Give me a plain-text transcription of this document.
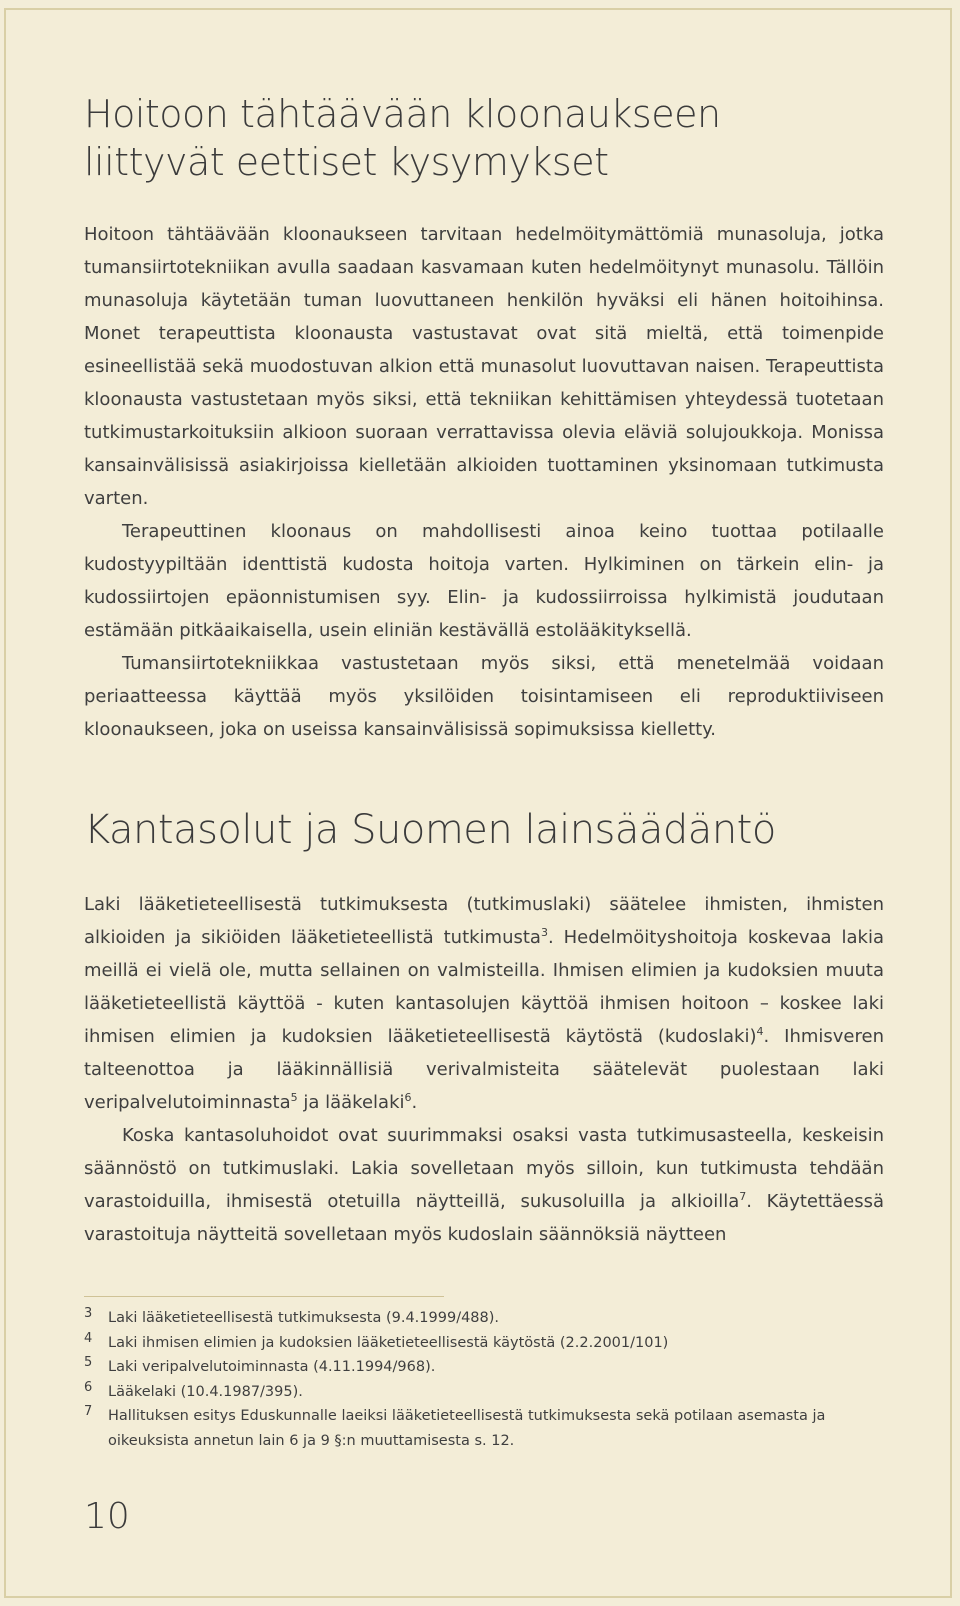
Hoitoon tähtäävään kloonaukseen
liittyvät eettiset kysymykset

Hoitoon tähtäävään kloonaukseen tarvitaan hedelmöitymättömiä munasoluja, jotka tumansiirtotekniikan avulla saadaan kasvamaan kuten hedelmöitynyt munasolu. Tällöin munasoluja käytetään tuman luovuttaneen henkilön hyväksi eli hänen hoitoihinsa. Monet terapeuttista kloonausta vastustavat ovat sitä mieltä, että toimenpide esineellistää sekä muodostuvan alkion että munasolut luovuttavan naisen. Terapeuttista kloonausta vastustetaan myös siksi, että tekniikan kehittämisen yhteydessä tuotetaan tutkimustarkoituksiin alkioon suoraan verrattavissa olevia eläviä solujoukkoja. Monissa kansainvälisissä asiakirjoissa kielletään alkioiden tuottaminen yksinomaan tutkimusta varten.

Terapeuttinen kloonaus on mahdollisesti ainoa keino tuottaa potilaalle kudostyypiltään identtistä kudosta hoitoja varten. Hylkiminen on tärkein elin- ja kudossiirtojen epäonnistumisen syy. Elin- ja kudossiirroissa hylkimistä joudutaan estämään pitkäaikaisella, usein eliniän kestävällä estolääkityksellä.

Tumansiirtotekniikkaa vastustetaan myös siksi, että menetelmää voidaan periaatteessa käyttää myös yksilöiden toisintamiseen eli reproduktiiviseen kloonaukseen, joka on useissa kansainvälisissä sopimuksissa kielletty.

Kantasolut ja Suomen lainsäädäntö

Laki lääketieteellisestä tutkimuksesta (tutkimuslaki) säätelee ihmisten, ihmisten alkioiden ja sikiöiden lääketieteellistä tutkimusta$^3$. Hedelmöityshoitoja koskevaa lakia meillä ei vielä ole, mutta sellainen on valmisteilla. Ihmisen elimien ja kudoksien muuta lääketieteellistä käyttöä - kuten kantasolujen käyttöä ihmisen hoitoon – koskee laki ihmisen elimien ja kudoksien lääketieteellisestä käytöstä (kudoslaki)$^4$. Ihmisveren talteenottoa ja lääkinnällisiä verivalmisteita säätelevät puolestaan laki veripalvelutoiminnasta$^5$ ja lääkelaki$^6$.

Koska kantasoluhoidot ovat suurimmaksi osaksi vasta tutkimusasteella, keskeisin säännöstö on tutkimuslaki. Lakia sovelletaan myös silloin, kun tutkimusta tehdään varastoiduilla, ihmisestä otetuilla näytteillä, sukusoluilla ja alkioilla$^7$. Käytettäessä varastoituja näytteitä sovelletaan myös kudoslain säännöksiä näytteen

3	Laki lääketieteellisestä tutkimuksesta (9.4.1999/488).
4	Laki ihmisen elimien ja kudoksien lääketieteellisestä käytöstä (2.2.2001/101)
5	Laki veripalvelutoiminnasta (4.11.1994/968).
6	Lääkelaki (10.4.1987/395).
7	Hallituksen esitys Eduskunnalle laeiksi lääketieteellisestä tutkimuksesta sekä potilaan asemasta ja oikeuksista annetun lain 6 ja 9 §:n muuttamisesta s. 12.
10
